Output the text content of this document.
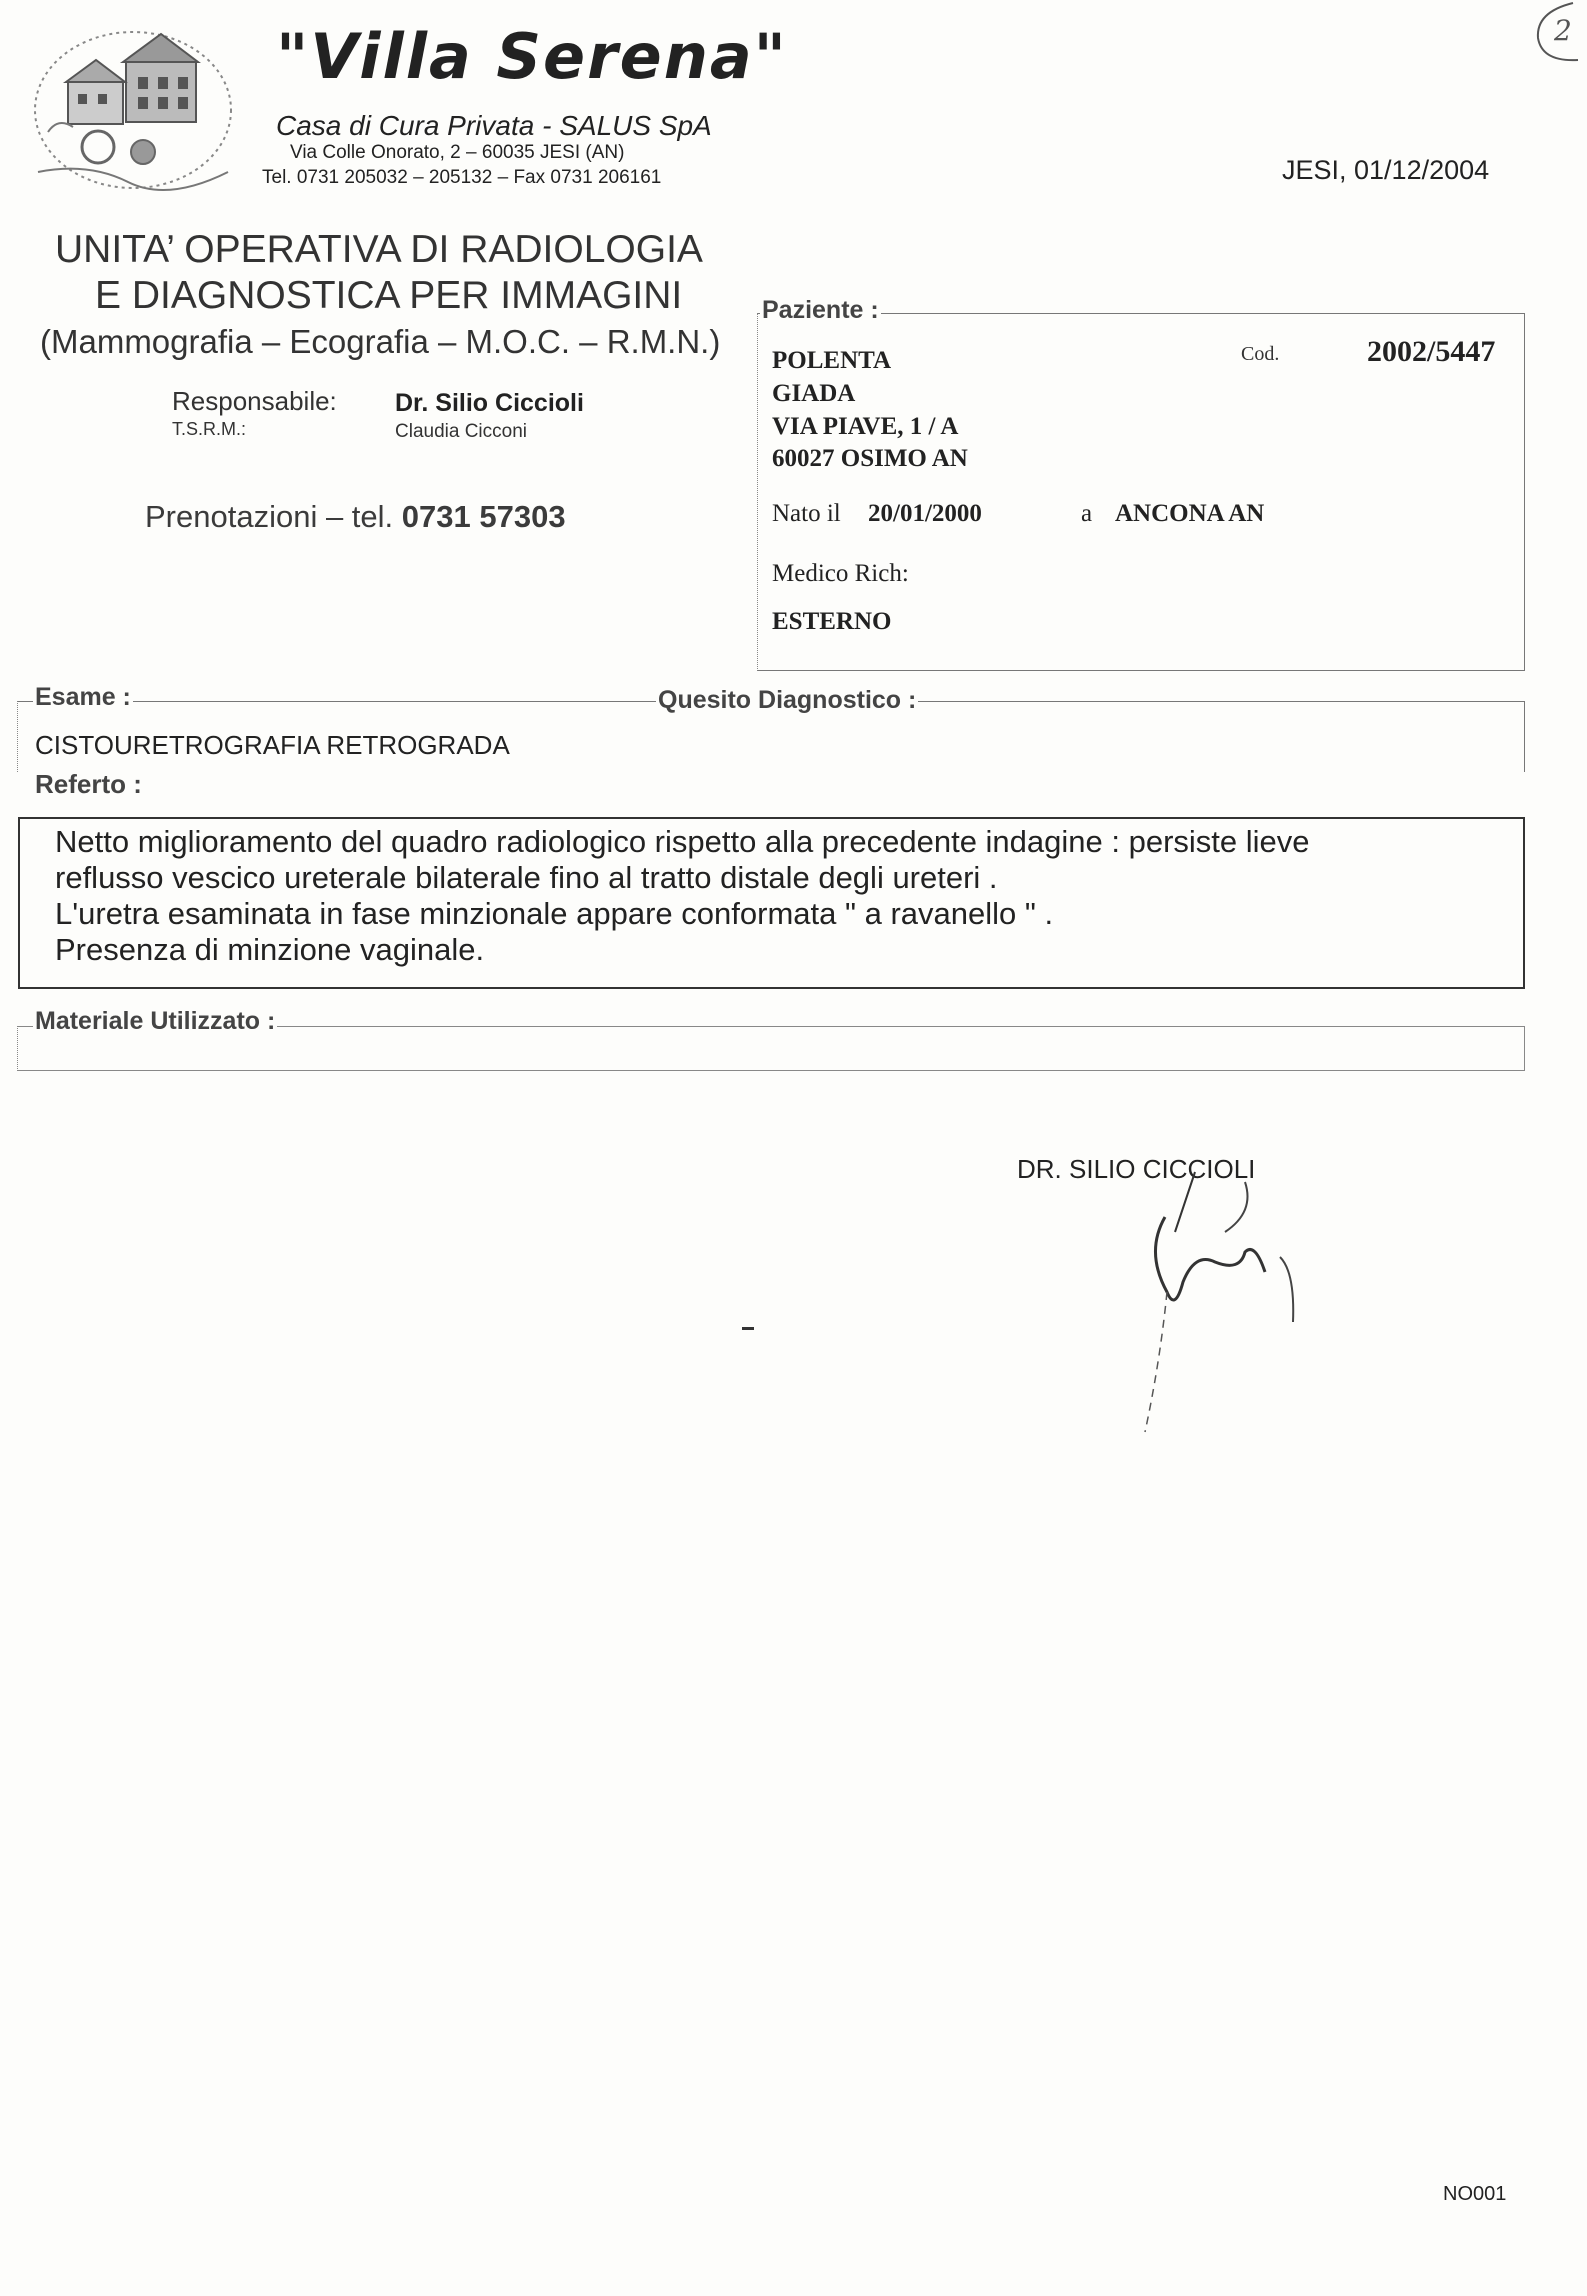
"Villa Serena"
Casa di Cura Privata - SALUS SpA
Via Colle Onorato, 2 – 60035 JESI (AN)
Tel. 0731 205032 – 205132 – Fax 0731 206161	JESI, 01/12/2004
UNITA’ OPERATIVA DI RADIOLOGIA
E DIAGNOSTICA PER IMMAGINI
(Mammografia – Ecografia – M.O.C. – R.M.N.)
Responsabile: Dr. Silio Ciccioli
T.S.R.M.:	Claudia Cicconi
Prenotazioni – tel. 0731 57303
Paziente :
POLENTA
GIADA
VIA PIAVE, 1 / A
60027 OSIMO AN
Cod.	2002/5447
Nato il 20/01/2000	a ANCONA AN
Medico Rich:
ESTERNO
Esame :	Quesito Diagnostico :
CISTOURETROGRAFIA RETROGRADA
Referto :
Netto miglioramento del quadro radiologico rispetto alla precedente indagine : persiste lieve
reflusso vescico ureterale bilaterale fino al tratto distale degli ureteri .
L'uretra esaminata in fase minzionale appare conformata " a ravanello " .
Presenza di minzione vaginale.
Materiale Utilizzato :
DR. SILIO CICCIOLI
2
NO001
